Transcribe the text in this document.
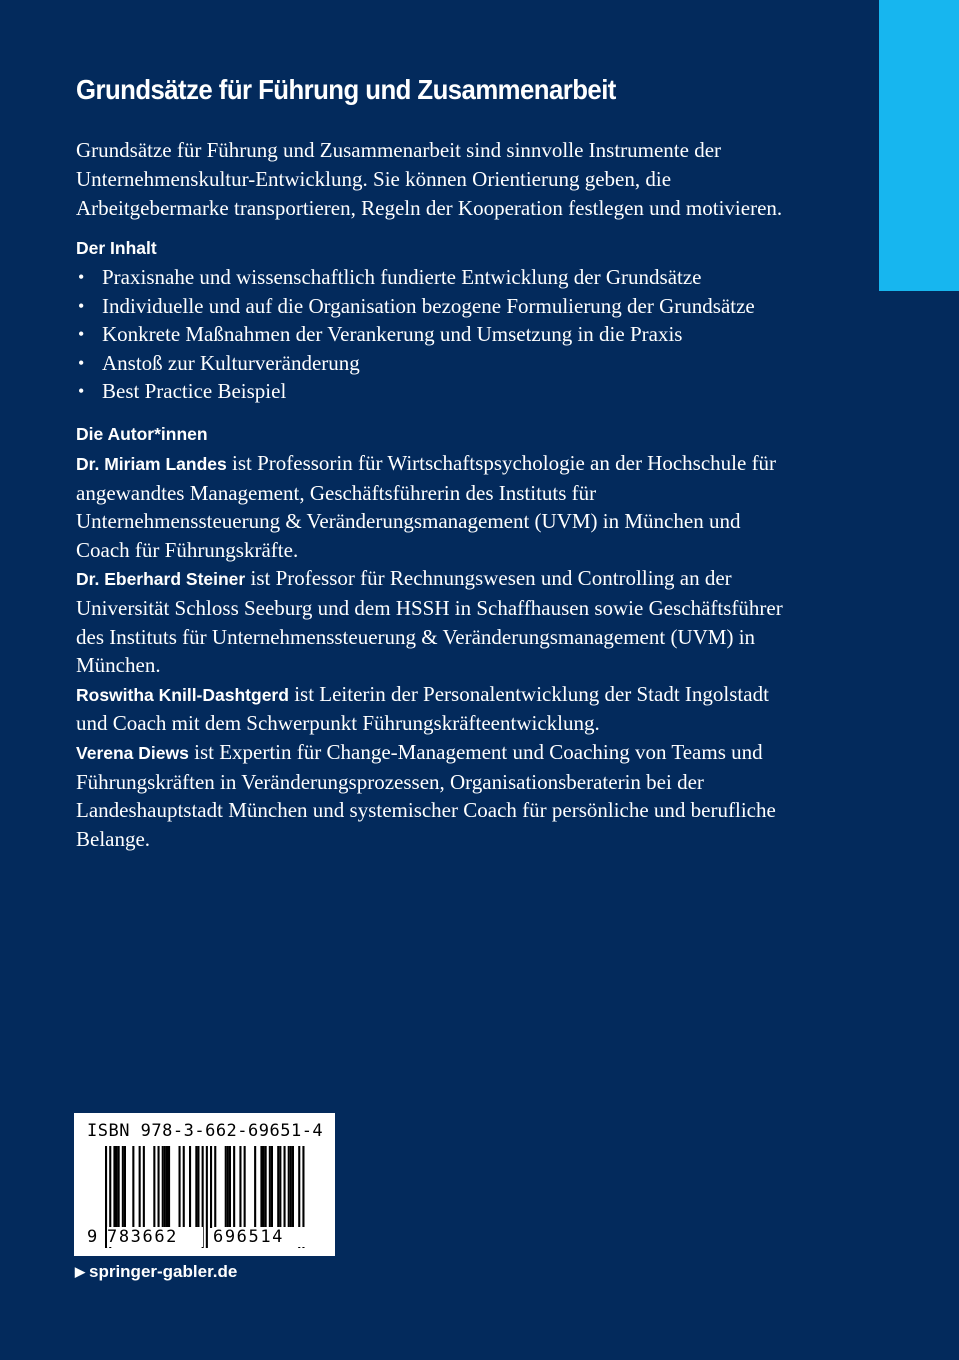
Grundsätze für Führung und Zusammenarbeit

Grundsätze für Führung und Zusammenarbeit sind sinnvolle Instrumente der Unternehmenskultur-Entwicklung. Sie können Orientierung geben, die Arbeitgebermarke transportieren, Regeln der Kooperation festlegen und motivieren.

Der Inhalt
• Praxisnahe und wissenschaftlich fundierte Entwicklung der Grundsätze
• Individuelle und auf die Organisation bezogene Formulierung der Grundsätze
• Konkrete Maßnahmen der Verankerung und Umsetzung in die Praxis
• Anstoß zur Kulturveränderung
• Best Practice Beispiel
Die Autor*innen

Dr. Miriam Landes ist Professorin für Wirtschaftspsychologie an der Hochschule für angewandtes Management, Geschäftsführerin des Instituts für Unternehmenssteuerung & Veränderungsmanagement (UVM) in München und Coach für Führungskräfte.

Dr. Eberhard Steiner ist Professor für Rechnungswesen und Controlling an der Universität Schloss Seeburg und dem HSSH in Schaffhausen sowie Geschäftsführer des Instituts für Unternehmenssteuerung & Veränderungsmanagement (UVM) in München.

Roswitha Knill-Dashtgerd ist Leiterin der Personalentwicklung der Stadt Ingolstadt und Coach mit dem Schwerpunkt Führungskräfteentwicklung.

Verena Diews ist Expertin für Change-Management und Coaching von Teams und Führungskräften in Veränderungsprozessen, Organisationsberaterin bei der Landeshauptstadt München und systemischer Coach für persönliche und berufliche Belange.

ISBN 978-3-662-69651-4
9 783662	696514
▶ springer-gabler.de
